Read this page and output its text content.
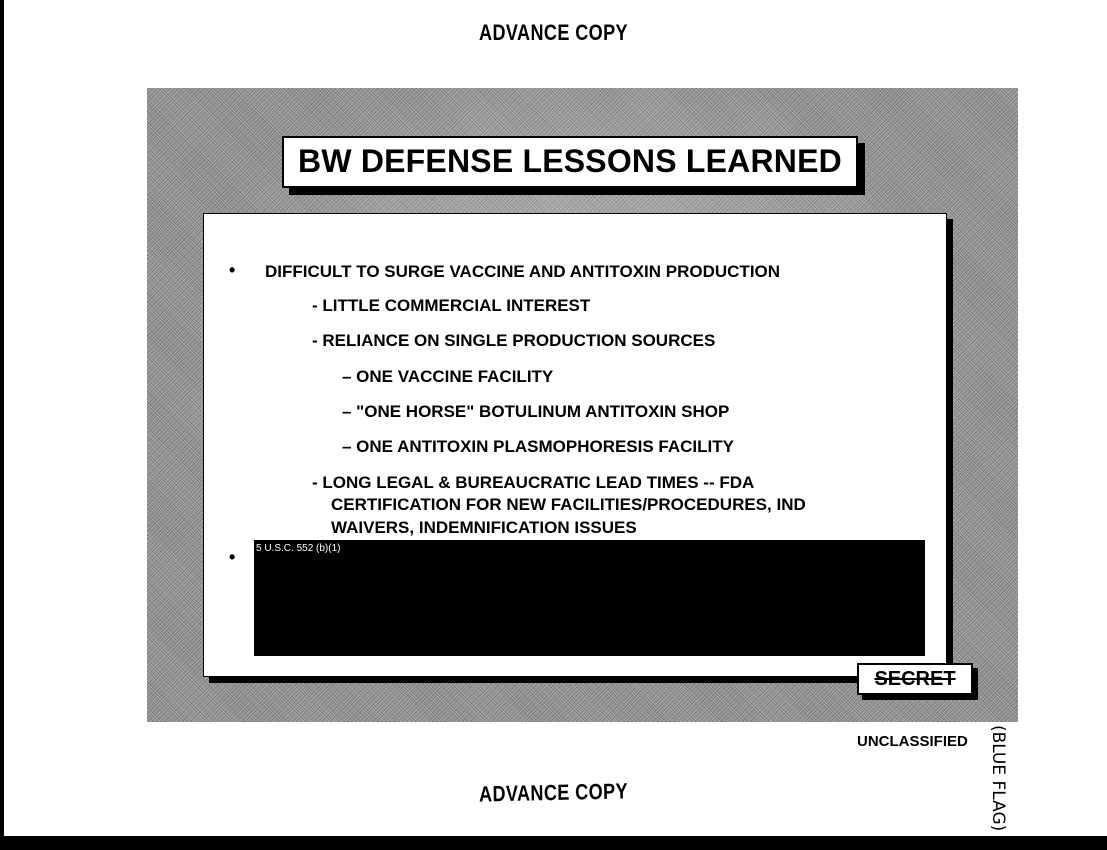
ADVANCE COPY
BW DEFENSE LESSONS LEARNED
• DIFFICULT TO SURGE VACCINE AND ANTITOXIN PRODUCTION
- LITTLE COMMERCIAL INTEREST
- RELIANCE ON SINGLE PRODUCTION SOURCES
– ONE VACCINE FACILITY
– "ONE HORSE" BOTULINUM ANTITOXIN SHOP
– ONE ANTITOXIN PLASMOPHORESIS FACILITY
- LONG LEGAL & BUREAUCRATIC LEAD TIMES -- FDA
CERTIFICATION FOR NEW FACILITIES/PROCEDURES, IND
WAIVERS, INDEMNIFICATION ISSUES
• 5 U.S.C. 552 (b)(1)
SECRET
UNCLASSIFIED (BLUE FLAG)
ADVANCE COPY
